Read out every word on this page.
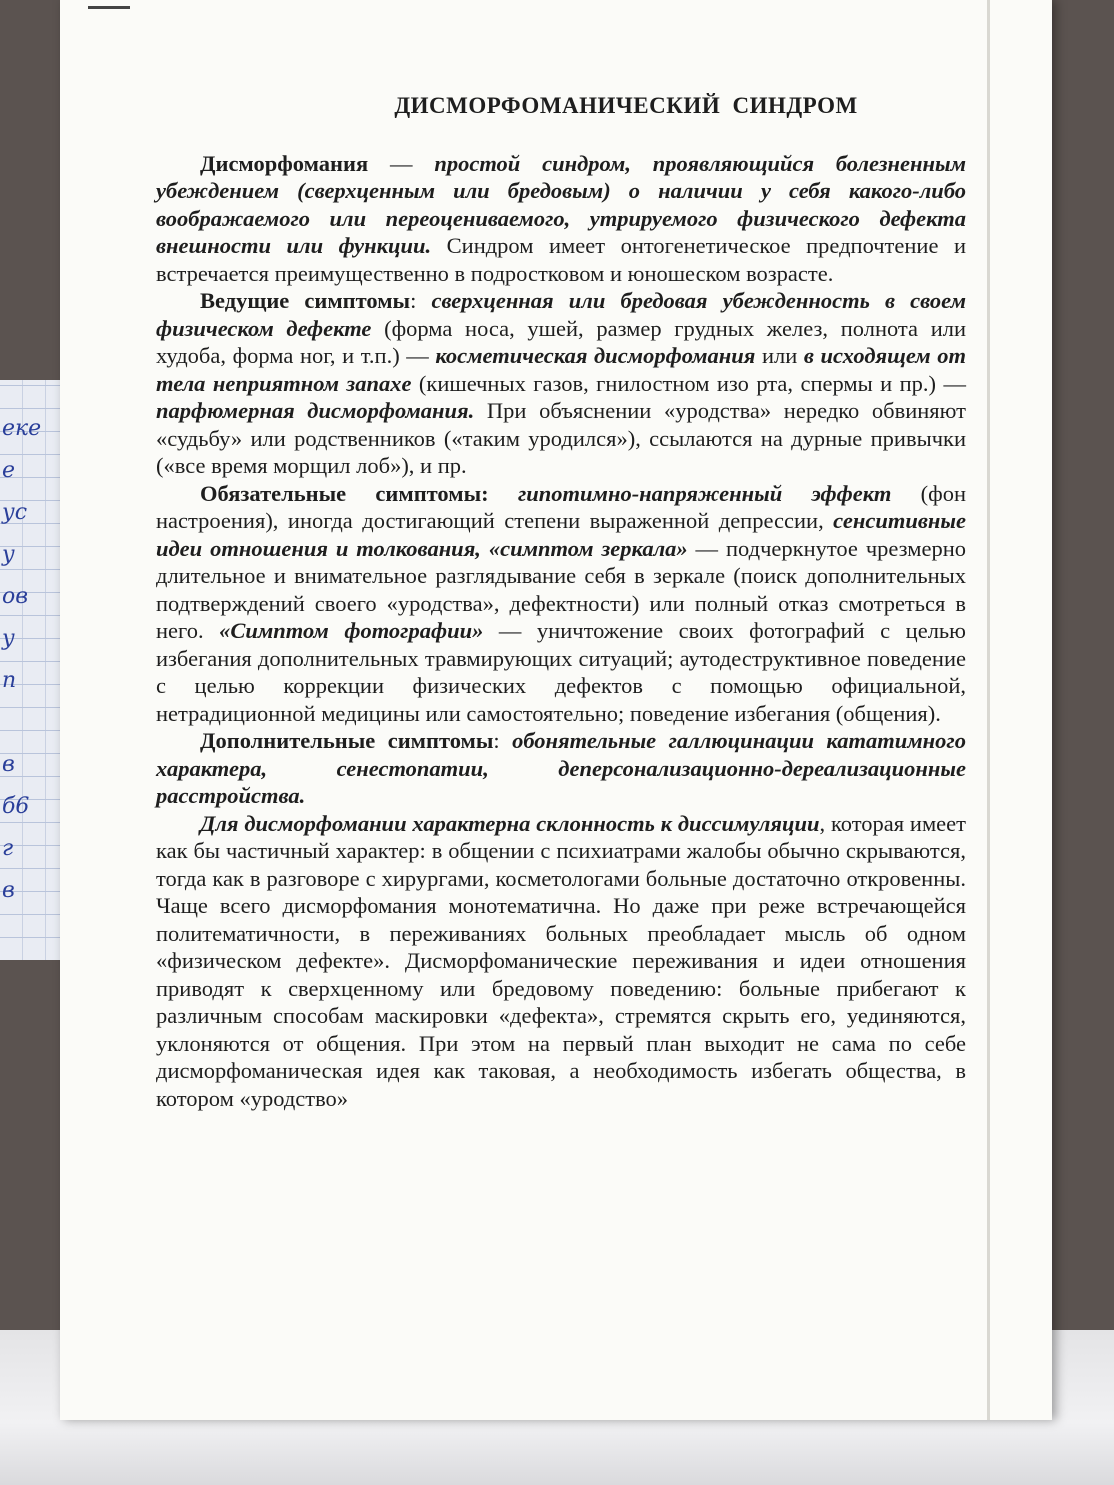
еке
е
ус
у
ов
у
п
в
б6
г
в
ДИСМОРФОМАНИЧЕСКИЙ СИНДРОМ

Дисморфомания — простой синдром, проявляющийся болезненным убеждением (сверхценным или бредовым) о наличии у себя какого-либо воображаемого или переоцениваемого, утрируемого физического дефекта внешности или функции. Синдром имеет онтогенетическое предпочтение и встречается преимущественно в подростковом и юношеском возрасте.

Ведущие симптомы: сверхценная или бредовая убежденность в своем физическом дефекте (форма носа, ушей, размер грудных желез, полнота или худоба, форма ног, и т.п.) — косметическая дисморфомания или в исходящем от тела неприятном запахе (кишечных газов, гнилостном изо рта, спермы и пр.) — парфюмерная дисморфомания. При объяснении «уродства» нередко обвиняют «судьбу» или родственников («таким уродился»), ссылаются на дурные привычки («все время морщил лоб»), и пр.

Обязательные симптомы: гипотимно-напряженный эффект (фон настроения), иногда достигающий степени выраженной депрессии, сенситивные идеи отношения и толкования, «симптом зеркала» — подчеркнутое чрезмерно длительное и внимательное разглядывание себя в зеркале (поиск дополнительных подтверждений своего «уродства», дефектности) или полный отказ смотреться в него. «Симптом фотографии» — уничтожение своих фотографий с целью избегания дополнительных травмирующих ситуаций; аутодеструктивное поведение с целью коррекции физических дефектов с помощью официальной, нетрадиционной медицины или самостоятельно; поведение избегания (общения).

Дополнительные симптомы: обонятельные галлюцинации кататимного характера, сенестопатии, деперсонализационно-дереализационные расстройства.

Для дисморфомании характерна склонность к диссимуляции, которая имеет как бы частичный характер: в общении с психиатрами жалобы обычно скрываются, тогда как в разговоре с хирургами, косметологами больные достаточно откровенны. Чаще всего дисморфомания монотематична. Но даже при реже встречающейся политематичности, в переживаниях больных преобладает мысль об одном «физическом дефекте». Дисморфоманические переживания и идеи отношения приводят к сверхценному или бредовому поведению: больные прибегают к различным способам маскировки «дефекта», стремятся скрыть его, уединяются, уклоняются от общения. При этом на первый план выходит не сама по себе дисморфоманическая идея как таковая, а необходимость избегать общества, в котором «уродство»
